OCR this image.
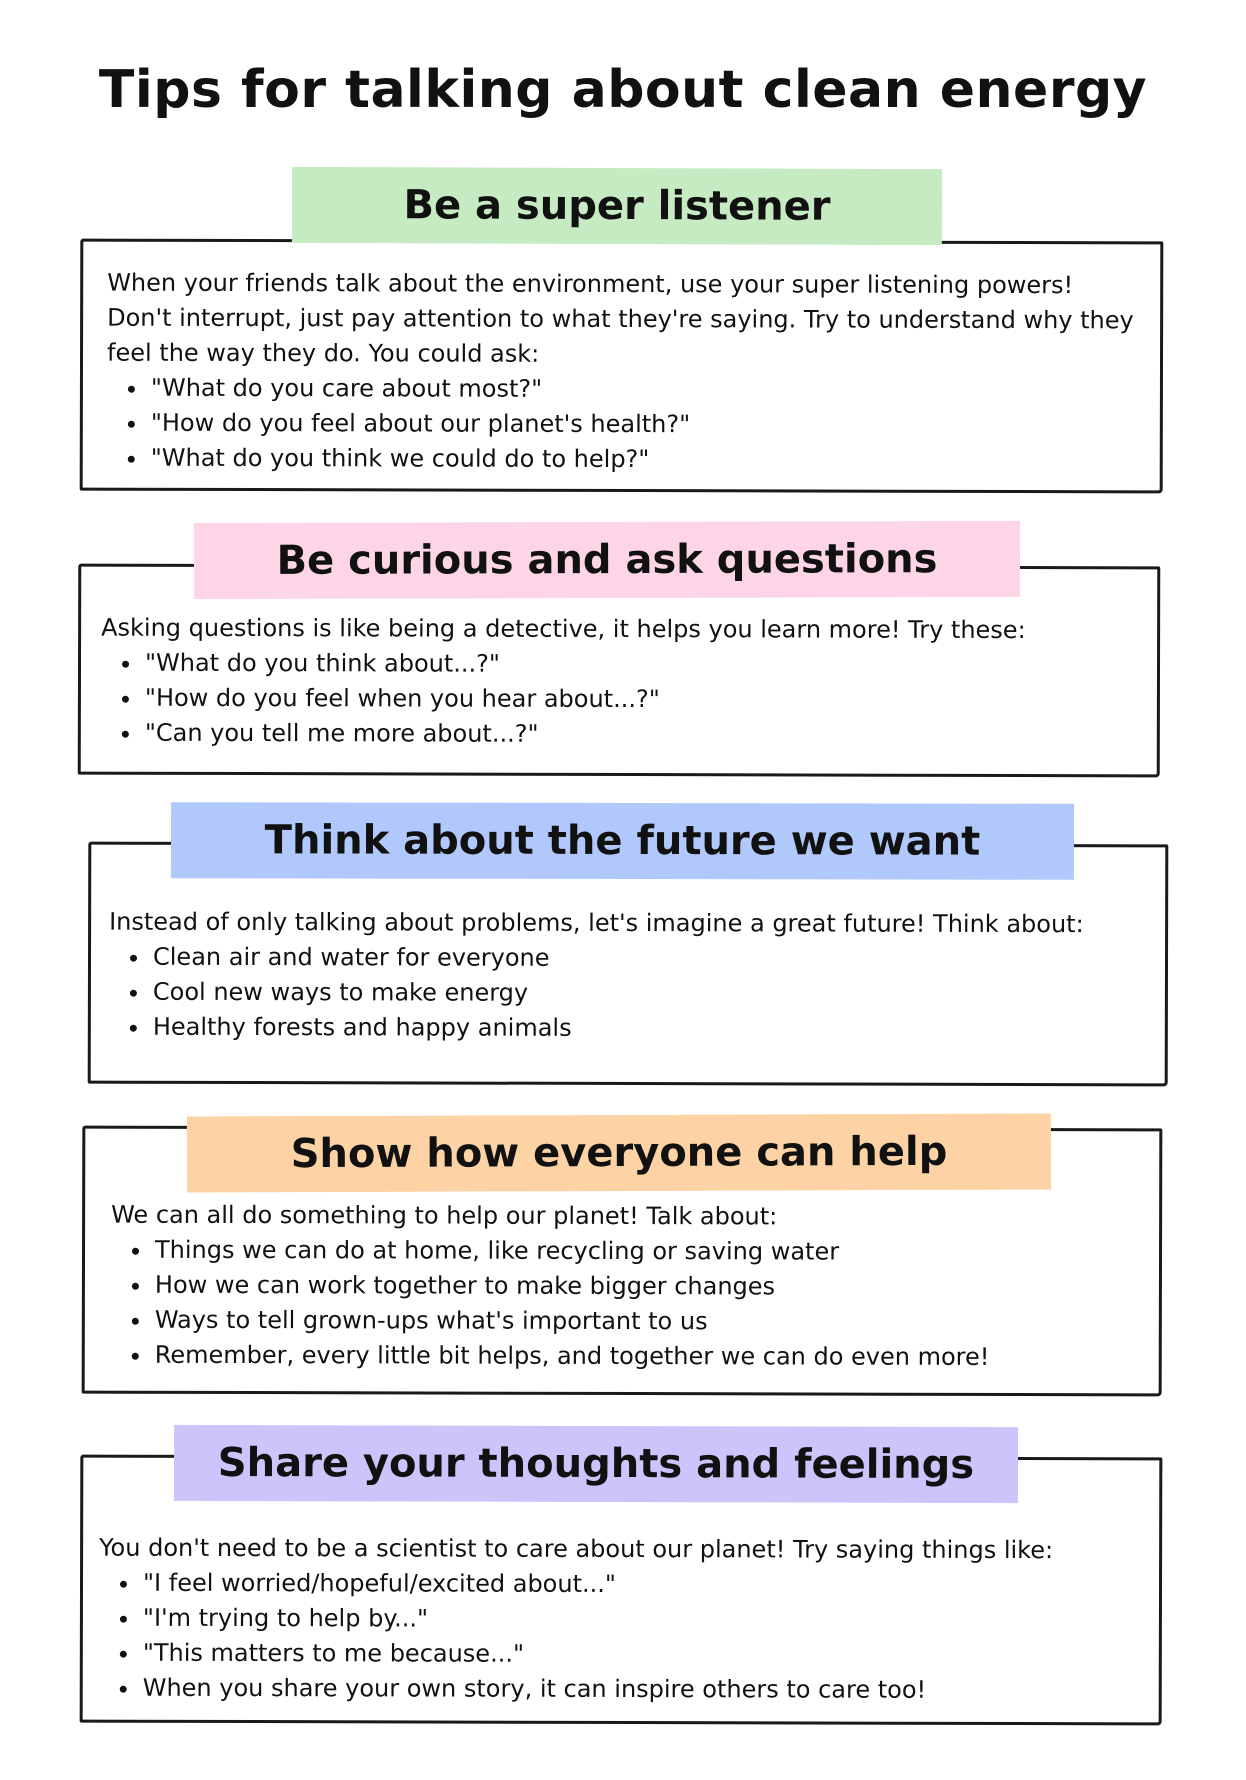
Tips for talking about clean energy

When your friends talk about the environment, use your super listening powers! Don't interrupt, just pay attention to what they're saying. Try to understand why they feel the way they do. You could ask:

• "What do you care about most?"
• "How do you feel about our planet's health?"
• "What do you think we could do to help?"
Be a super listener

Asking questions is like being a detective, it helps you learn more! Try these:

• "What do you think about...?"
• "How do you feel when you hear about...?"
• "Can you tell me more about...?"
Be curious and ask questions

Instead of only talking about problems, let's imagine a great future! Think about:

• Clean air and water for everyone
• Cool new ways to make energy
• Healthy forests and happy animals
Think about the future we want

We can all do something to help our planet! Talk about:

• Things we can do at home, like recycling or saving water
• How we can work together to make bigger changes
• Ways to tell grown-ups what's important to us
• Remember, every little bit helps, and together we can do even more!
Show how everyone can help

You don't need to be a scientist to care about our planet! Try saying things like:

• "I feel worried/hopeful/excited about..."
• "I'm trying to help by..."
• "This matters to me because..."
• When you share your own story, it can inspire others to care too!
Share your thoughts and feelings
